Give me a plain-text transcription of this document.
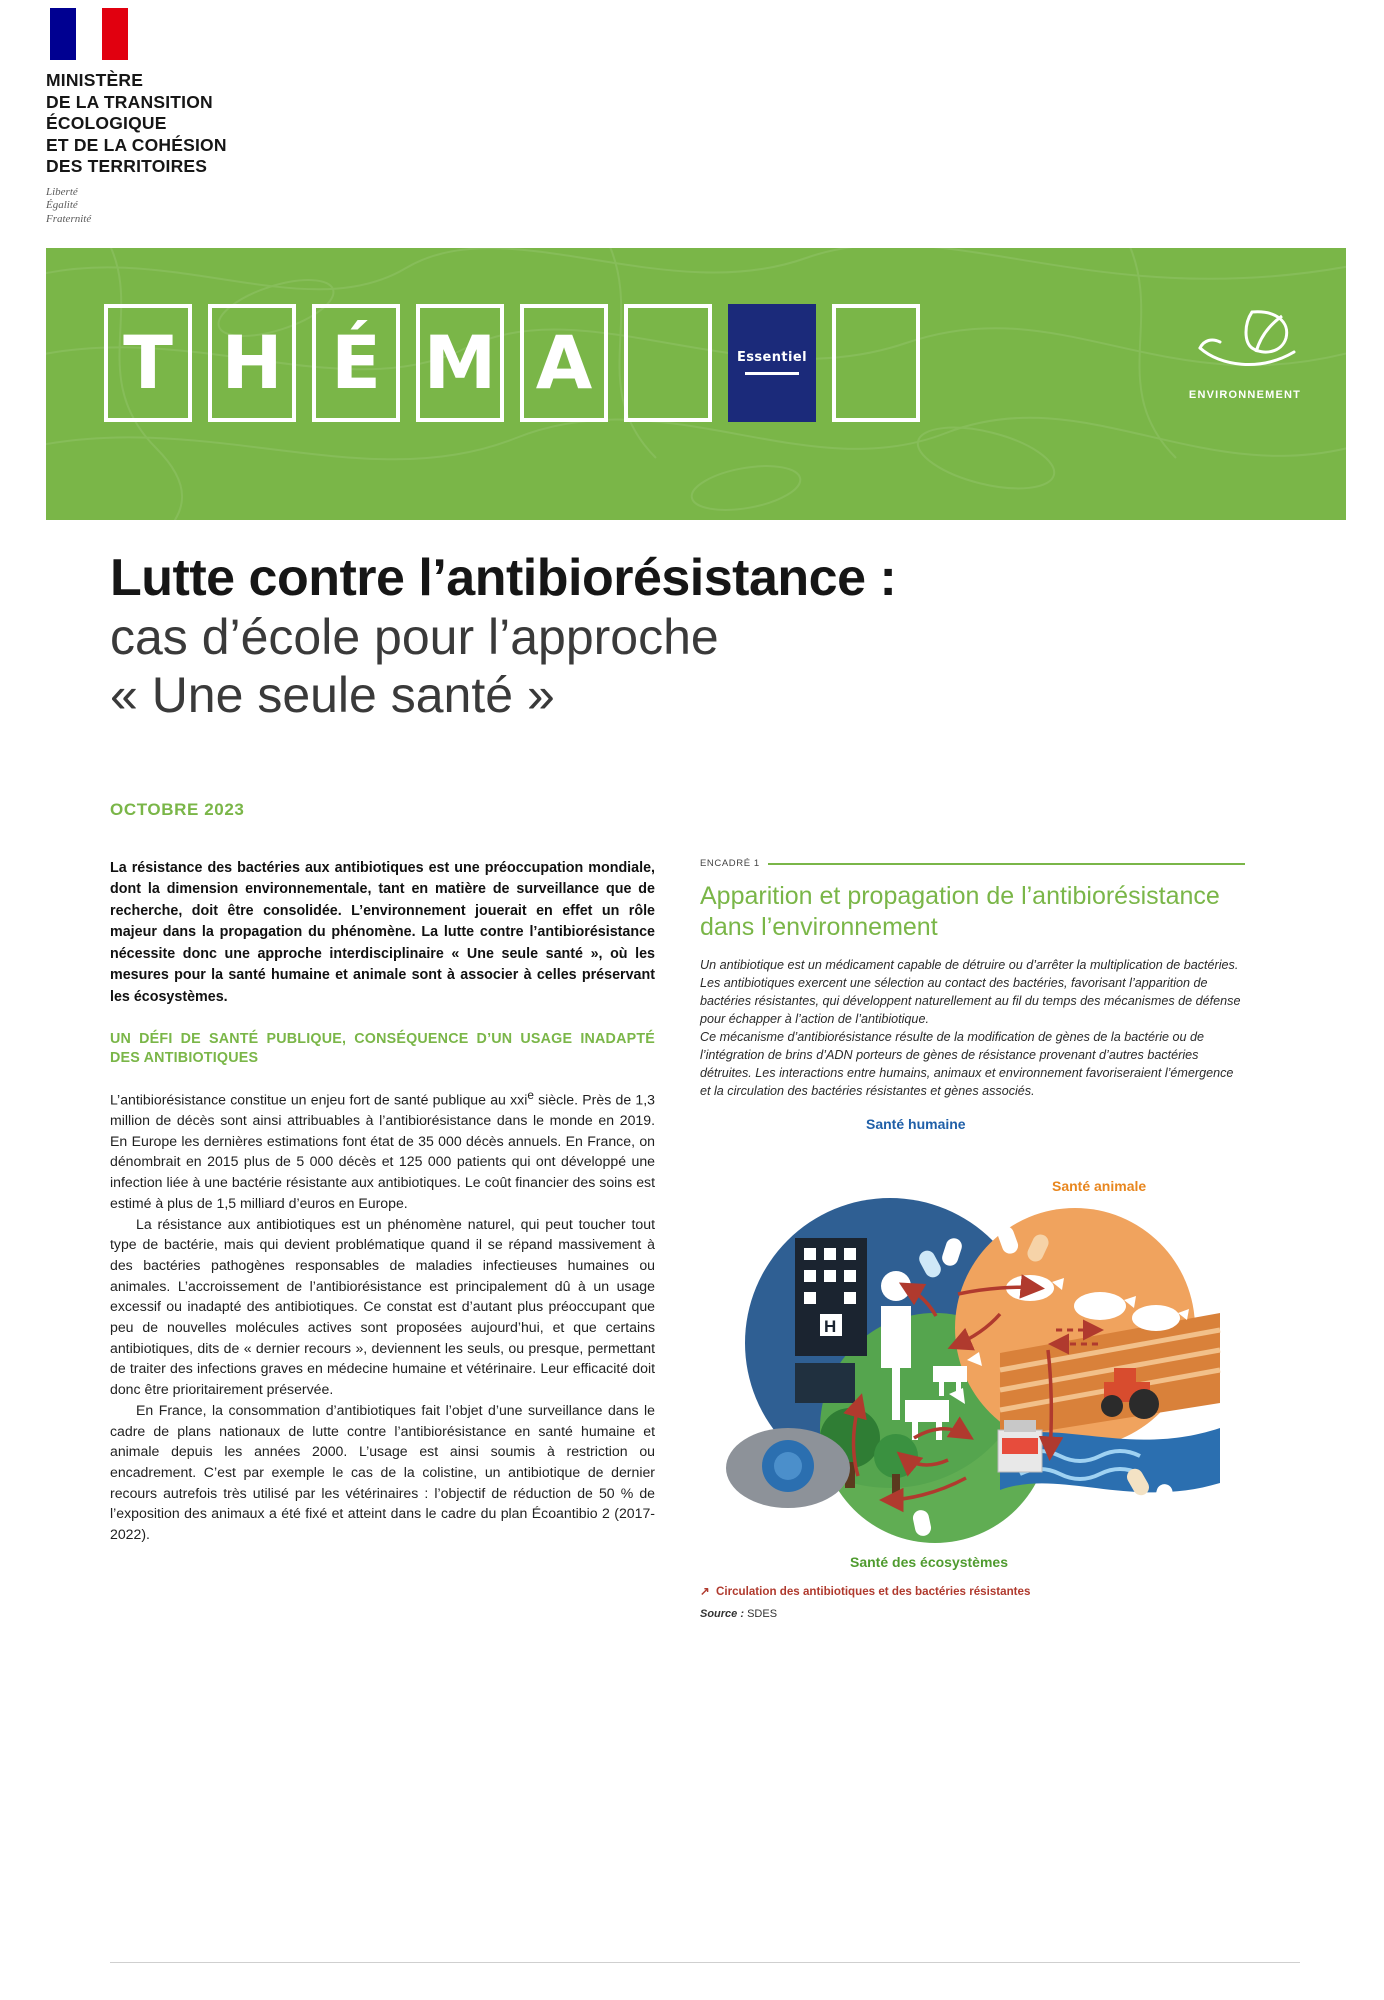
MINISTÈRE
DE LA TRANSITION
ÉCOLOGIQUE
ET DE LA COHÉSION
DES TERRITOIRES
Liberté
Égalité
Fraternité
T H É M A	Essentiel
ENVIRONNEMENT
Lutte contre l’antibiorésistance :
cas d’école pour l’approche
« Une seule santé »
OCTOBRE 2023
La résistance des bactéries aux antibiotiques est une préoccupation mondiale, dont la dimension environnementale, tant en matière de surveillance que de recherche, doit être consolidée. L’environnement jouerait en effet un rôle majeur dans la propagation du phénomène. La lutte contre l’antibiorésistance nécessite donc une approche interdisciplinaire « Une seule santé », où les mesures pour la santé humaine et animale sont à associer à celles préservant les écosystèmes.
UN DÉFI DE SANTÉ PUBLIQUE, CONSÉQUENCE D’UN USAGE INADAPTÉ DES ANTIBIOTIQUES
L’antibiorésistance constitue un enjeu fort de santé publique au xxi$^e$ siècle. Près de 1,3 million de décès sont ainsi attribuables à l’antibiorésistance dans le monde en 2019. En Europe les dernières estimations font état de 35 000 décès annuels. En France, on dénombrait en 2015 plus de 5 000 décès et 125 000 patients qui ont développé une infection liée à une bactérie résistante aux antibiotiques. Le coût financier des soins est estimé à plus de 1,5 milliard d’euros en Europe.
La résistance aux antibiotiques est un phénomène naturel, qui peut toucher tout type de bactérie, mais qui devient problématique quand il se répand massivement à des bactéries pathogènes responsables de maladies infectieuses humaines ou animales. L’accroissement de l’antibiorésistance est principalement dû à un usage excessif ou inadapté des antibiotiques. Ce constat est d’autant plus préoccupant que peu de nouvelles molécules actives sont proposées aujourd’hui, et que certains antibiotiques, dits de « dernier recours », deviennent les seuls, ou presque, permettant de traiter des infections graves en médecine humaine et vétérinaire. Leur efficacité doit donc être prioritairement préservée.
En France, la consommation d’antibiotiques fait l’objet d’une surveillance dans le cadre de plans nationaux de lutte contre l’antibiorésistance en santé humaine et animale depuis les années 2000. L’usage est ainsi soumis à restriction ou encadrement. C’est par exemple le cas de la colistine, un antibiotique de dernier recours autrefois très utilisé par les vétérinaires : l’objectif de réduction de 50 % de l’exposition des animaux a été fixé et atteint dans le cadre du plan Écoantibio 2 (2017-2022).
ENCADRÉ 1
Apparition et propagation de l’antibiorésistance dans l’environnement

Un antibiotique est un médicament capable de détruire ou d’arrêter la multiplication de bactéries. Les antibiotiques exercent une sélection au contact des bactéries, favorisant l’apparition de bactéries résistantes, qui développent naturellement au fil du temps des mécanismes de défense pour échapper à l’action de l’antibiotique.

Ce mécanisme d’antibiorésistance résulte de la modification de gènes de la bactérie ou de l’intégration de brins d’ADN porteurs de gènes de résistance provenant d’autres bactéries détruites. Les interactions entre humains, animaux et environnement favoriseraient l’émergence et la circulation des bactéries résistantes et gènes associés.

Santé humaine
Santé animale
Santé des écosystèmes
H
↗ Circulation des antibiotiques et des bactéries résistantes
Source : SDES
